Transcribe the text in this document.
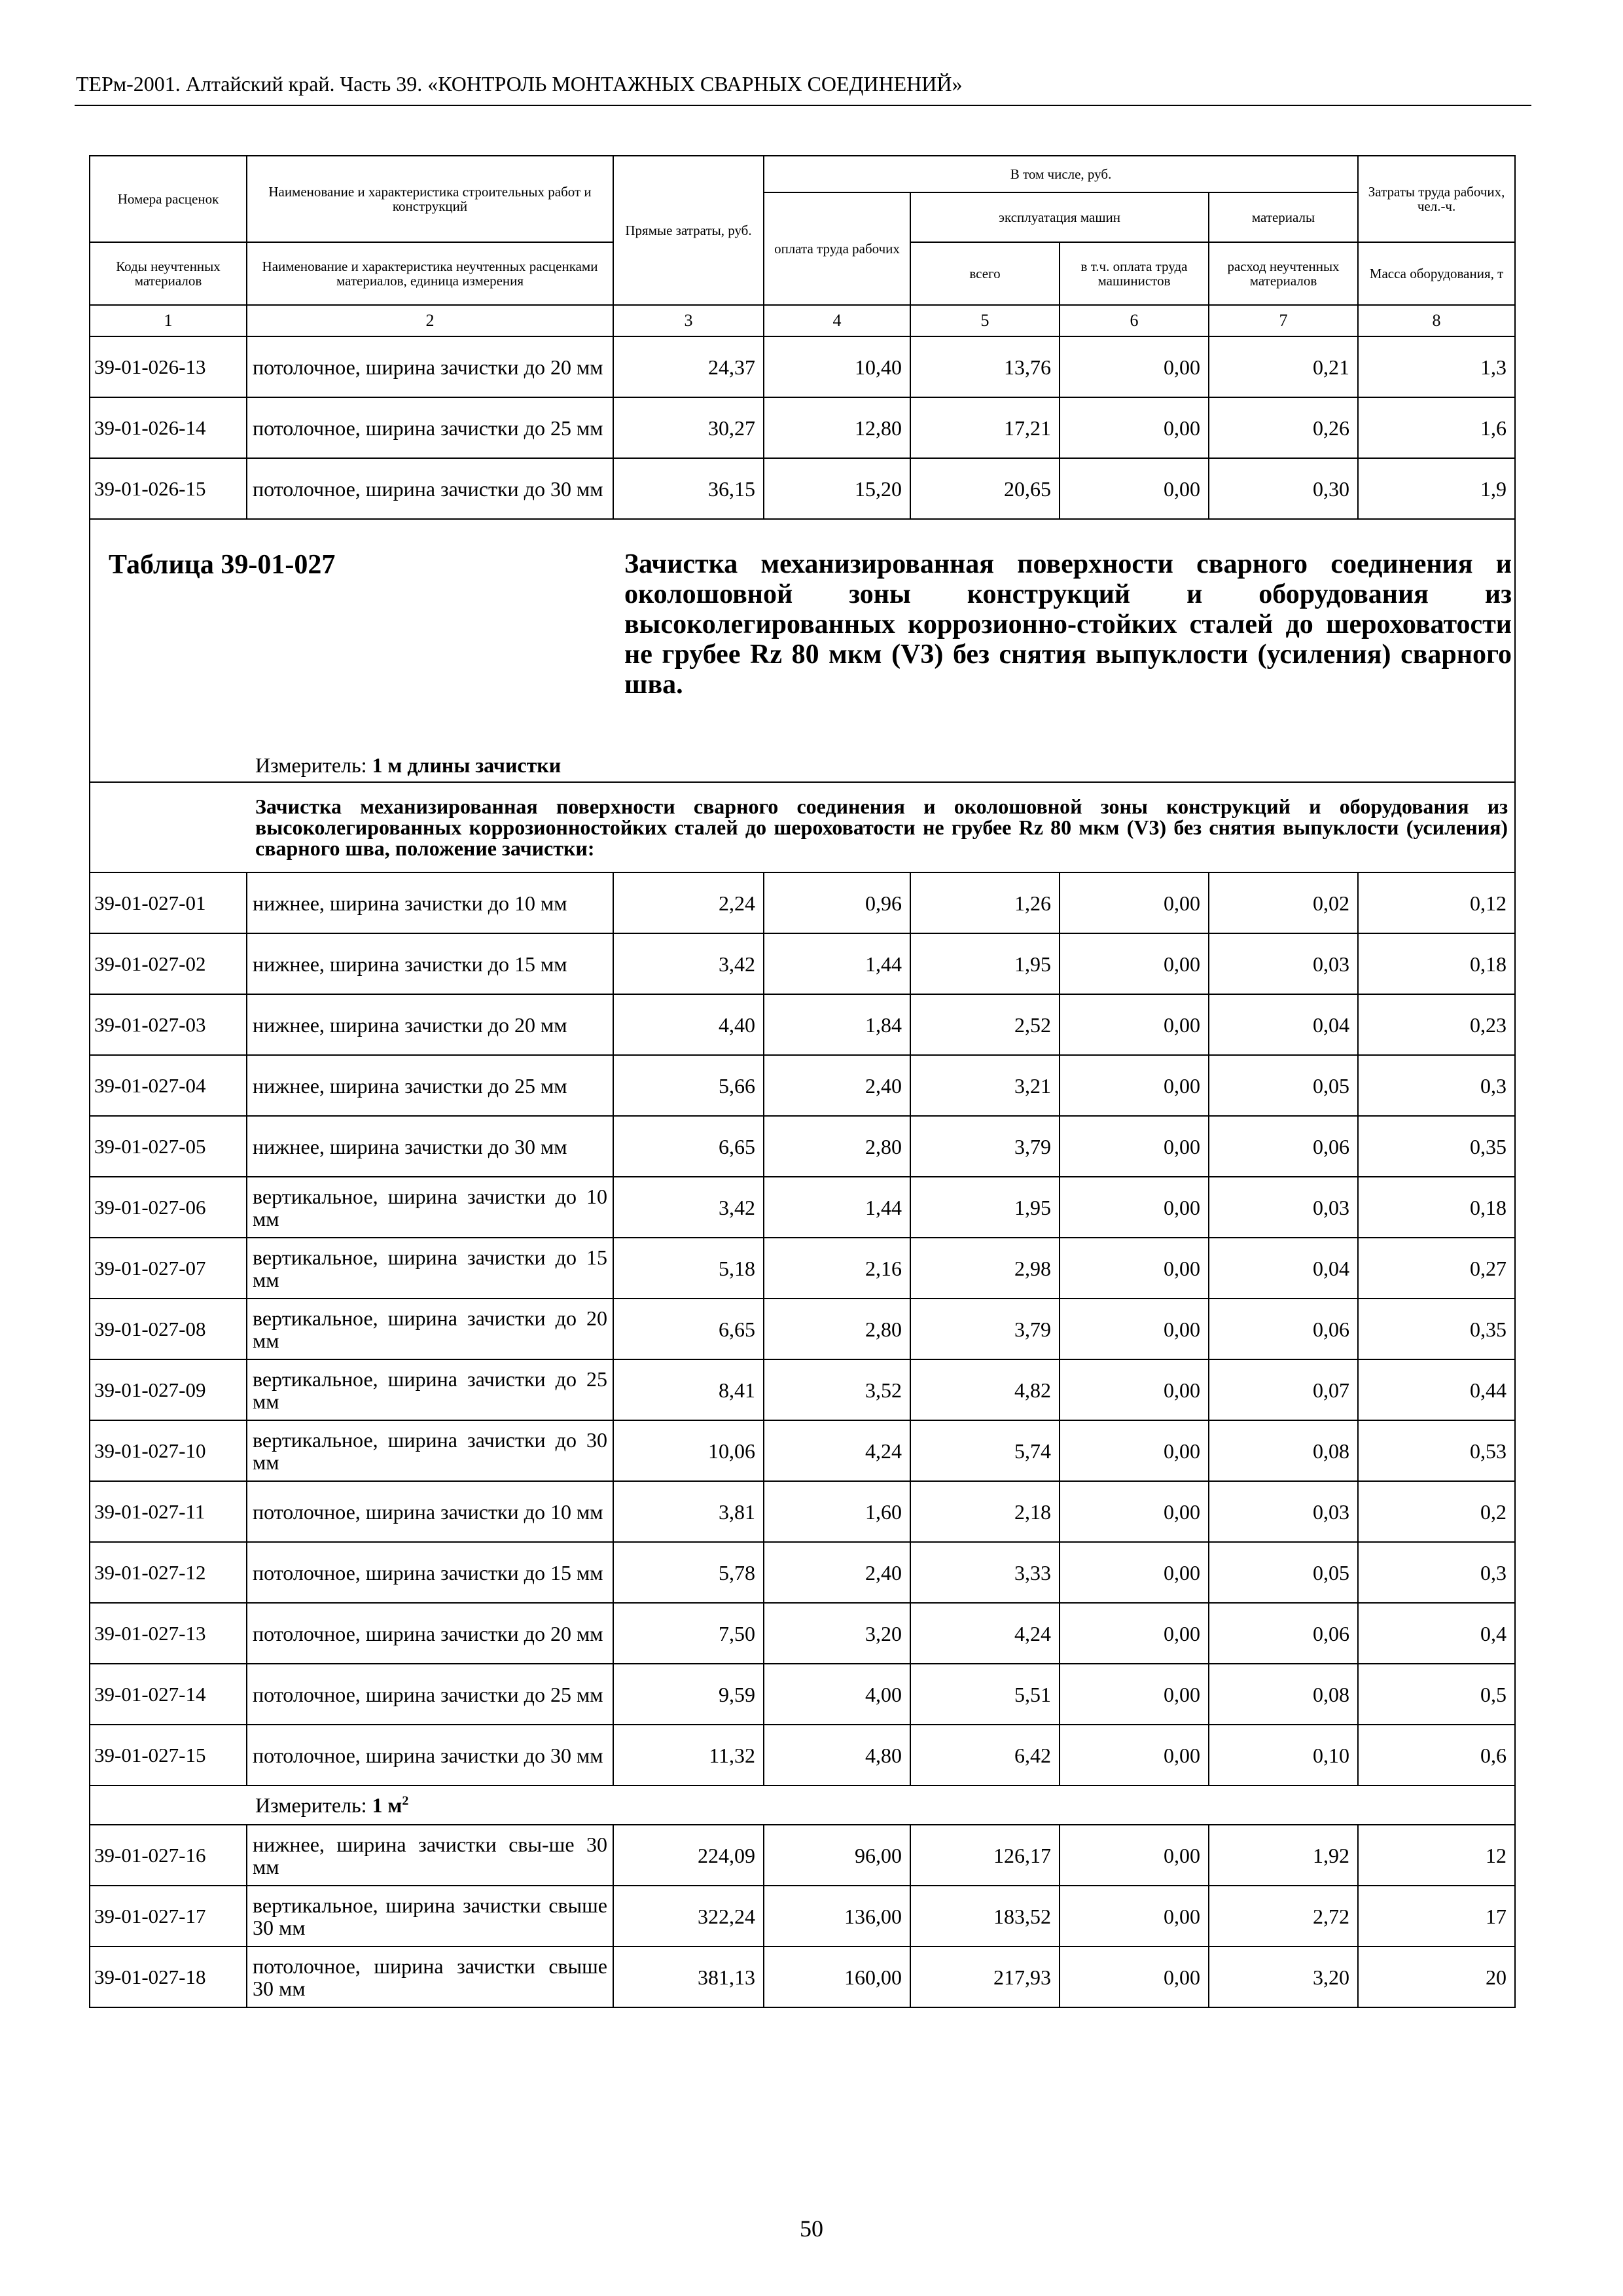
ТЕРм-2001. Алтайский край. Часть 39. «КОНТРОЛЬ МОНТАЖНЫХ СВАРНЫХ СОЕДИНЕНИЙ»
Номера расценок	Наименование и характеристика строительных работ и конструкций	Прямые затраты, руб.	В том числе, руб.				Затраты труда рабочих, чел.-ч.
			оплата труда рабочих	эксплуатация машин		материалы	
Коды неучтенных материалов	Наименование и характеристика неучтенных расценками материалов, единица измерения			всего	в т.ч. оплата труда машинистов	расход неучтенных материалов	Масса оборудования, т
1	2	3	4	5	6	7	8
39-01-026-13	потолочное, ширина зачистки до 20 мм	24,37	10,40	13,76	0,00	0,21	1,3
39-01-026-14	потолочное, ширина зачистки до 25 мм	30,27	12,80	17,21	0,00	0,26	1,6
39-01-026-15	потолочное, ширина зачистки до 30 мм	36,15	15,20	20,65	0,00	0,30	1,9

Таблица 39-01-027 Зачистка механизированная поверхности сварного соединения и околошовной зоны конструкций и оборудования из высоколегированных коррозионно-стойких сталей до шероховатости не грубее Rz 80 мкм (V3) без снятия выпуклости (усиления) сварного шва.
Измеритель: 1 м длины зачистки							

Зачистка механизированная поверхности сварного соединения и околошовной зоны конструкций и оборудования из высоколегированных коррозионностойких сталей до шероховатости не грубее Rz 80 мкм (V3) без снятия выпуклости (усиления) сварного шва, положение зачистки:							
39-01-027-01	нижнее, ширина зачистки до 10 мм	2,24	0,96	1,26	0,00	0,02	0,12
39-01-027-02	нижнее, ширина зачистки до 15 мм	3,42	1,44	1,95	0,00	0,03	0,18
39-01-027-03	нижнее, ширина зачистки до 20 мм	4,40	1,84	2,52	0,00	0,04	0,23
39-01-027-04	нижнее, ширина зачистки до 25 мм	5,66	2,40	3,21	0,00	0,05	0,3
39-01-027-05	нижнее, ширина зачистки до 30 мм	6,65	2,80	3,79	0,00	0,06	0,35
39-01-027-06	вертикальное, ширина зачистки до 10 мм	3,42	1,44	1,95	0,00	0,03	0,18
39-01-027-07	вертикальное, ширина зачистки до 15 мм	5,18	2,16	2,98	0,00	0,04	0,27
39-01-027-08	вертикальное, ширина зачистки до 20 мм	6,65	2,80	3,79	0,00	0,06	0,35
39-01-027-09	вертикальное, ширина зачистки до 25 мм	8,41	3,52	4,82	0,00	0,07	0,44
39-01-027-10	вертикальное, ширина зачистки до 30 мм	10,06	4,24	5,74	0,00	0,08	0,53
39-01-027-11	потолочное, ширина зачистки до 10 мм	3,81	1,60	2,18	0,00	0,03	0,2
39-01-027-12	потолочное, ширина зачистки до 15 мм	5,78	2,40	3,33	0,00	0,05	0,3
39-01-027-13	потолочное, ширина зачистки до 20 мм	7,50	3,20	4,24	0,00	0,06	0,4
39-01-027-14	потолочное, ширина зачистки до 25 мм	9,59	4,00	5,51	0,00	0,08	0,5
39-01-027-15	потолочное, ширина зачистки до 30 мм	11,32	4,80	6,42	0,00	0,10	0,6
Измеритель: 1 $м^2$
39-01-027-16	нижнее, ширина зачистки свы-ше 30 мм	224,09	96,00	126,17	0,00	1,92	12
39-01-027-17	вертикальное, ширина зачистки свыше 30 мм	322,24	136,00	183,52	0,00	2,72	17
39-01-027-18	потолочное, ширина зачистки свыше 30 мм	381,13	160,00	217,93	0,00	3,20	20
50
